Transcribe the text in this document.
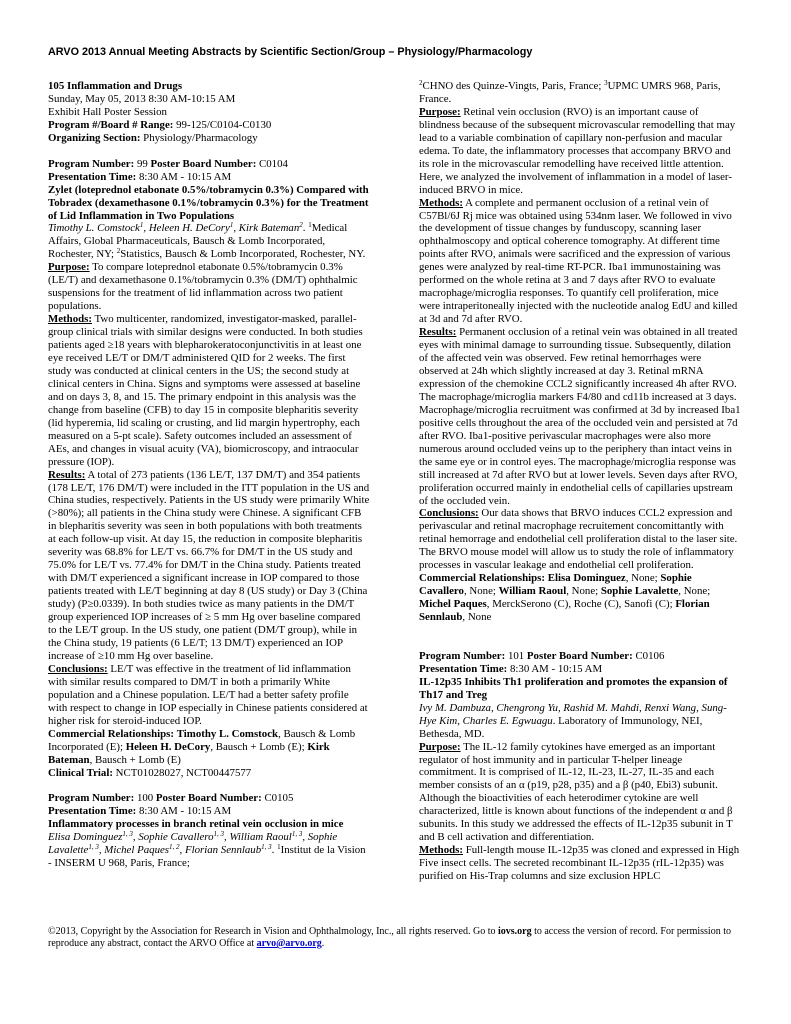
ARVO 2013 Annual Meeting Abstracts by Scientific Section/Group – Physiology/Pharmacology

105 Inflammation and Drugs

Sunday, May 05, 2013 8:30 AM-10:15 AM

Exhibit Hall Poster Session

Program #/Board # Range: 99-125/C0104-C0130

Organizing Section: Physiology/Pharmacology

Program Number: 99 Poster Board Number: C0104

Presentation Time: 8:30 AM - 10:15 AM

Zylet (loteprednol etabonate 0.5%/tobramycin 0.3%) Compared with Tobradex (dexamethasone 0.1%/tobramycin 0.3%) for the Treatment of Lid Inflammation in Two Populations

Timothy L. Comstock$^1$, Heleen H. DeCory$^1$, Kirk Bateman$^2$. $^1$Medical Affairs, Global Pharmaceuticals, Bausch & Lomb Incorporated, Rochester, NY; $^2$Statistics, Bausch & Lomb Incorporated, Rochester, NY.

Purpose: To compare loteprednol etabonate 0.5%/tobramycin 0.3% (LE/T) and dexamethasone 0.1%/tobramycin 0.3% (DM/T) ophthalmic suspensions for the treatment of lid inflammation across two patient populations.

Methods: Two multicenter, randomized, investigator-masked, parallel-group clinical trials with similar designs were conducted. In both studies patients aged ≥18 years with blepharokeratoconjunctivitis in at least one eye received LE/T or DM/T administered QID for 2 weeks. The first study was conducted at clinical centers in the US; the second study at clinical centers in China. Signs and symptoms were assessed at baseline and on days 3, 8, and 15. The primary endpoint in this analysis was the change from baseline (CFB) to day 15 in composite blepharitis severity (lid hyperemia, lid scaling or crusting, and lid margin hypertrophy, each measured on a 5-pt scale). Safety outcomes included an assessment of AEs, and changes in visual acuity (VA), biomicroscopy, and intraocular pressure (IOP).

Results: A total of 273 patients (136 LE/T, 137 DM/T) and 354 patients (178 LE/T, 176 DM/T) were included in the ITT population in the US and China studies, respectively. Patients in the US study were primarily White (>80%); all patients in the China study were Chinese. A significant CFB in blepharitis severity was seen in both populations with both treatments at each follow-up visit. At day 15, the reduction in composite blepharitis severity was 68.8% for LE/T vs. 66.7% for DM/T in the US study and 75.0% for LE/T vs. 77.4% for DM/T in the China study. Patients treated with DM/T experienced a significant increase in IOP compared to those patients treated with LE/T beginning at day 8 (US study) or Day 3 (China study) (P≥0.0339). In both studies twice as many patients in the DM/T group experienced IOP increases of ≥ 5 mm Hg over baseline compared to the LE/T group. In the US study, one patient (DM/T group), while in the China study, 19 patients (6 LE/T; 13 DM/T) experienced an IOP increase of ≥10 mm Hg over baseline.

Conclusions: LE/T was effective in the treatment of lid inflammation with similar results compared to DM/T in both a primarily White population and a Chinese population. LE/T had a better safety profile with respect to change in IOP especially in Chinese patients considered at higher risk for steroid-induced IOP.

Commercial Relationships: Timothy L. Comstock, Bausch & Lomb Incorporated (E); Heleen H. DeCory, Bausch + Lomb (E); Kirk Bateman, Bausch + Lomb (E)

Clinical Trial: NCT01028027, NCT00447577

Program Number: 100 Poster Board Number: C0105

Presentation Time: 8:30 AM - 10:15 AM

Inflammatory processes in branch retinal vein occlusion in mice

Elisa Dominguez$^{1, 3}$, Sophie Cavallero$^{1, 3}$, William Raoul$^{1, 3}$, Sophie Lavalette$^{1, 3}$, Michel Paques$^{1, 2}$, Florian Sennlaub$^{1, 3}$. $^1$Institut de la Vision - INSERM U 968, Paris, France;

$^2$CHNO des Quinze-Vingts, Paris, France; $^3$UPMC UMRS 968, Paris, France.

Purpose: Retinal vein occlusion (RVO) is an important cause of blindness because of the subsequent microvascular remodelling that may lead to a variable combination of capillary non-perfusion and macular edema. To date, the inflammatory processes that accompany BRVO and its role in the microvascular remodelling have received little attention. Here, we analyzed the involvement of inflammation in a model of laser-induced BRVO in mice.

Methods: A complete and permanent occlusion of a retinal vein of C57Bl/6J Rj mice was obtained using 534nm laser. We followed in vivo the development of tissue changes by funduscopy, scanning laser ophthalmoscopy and optical coherence tomography. At different time points after RVO, animals were sacrificed and the expression of various genes were analyzed by real-time RT-PCR. Iba1 immunostaining was performed on the whole retina at 3 and 7 days after RVO to evaluate macrophage/microglia responses. To quantify cell proliferation, mice were intraperitoneally injected with the nucleotide analog EdU and killed at 3d and 7d after RVO.

Results: Permanent occlusion of a retinal vein was obtained in all treated eyes with minimal damage to surrounding tissue. Subsequently, dilation of the affected vein was observed. Few retinal hemorrhages were observed at 24h which slightly increased at day 3. Retinal mRNA expression of the chemokine CCL2 significantly increased 4h after RVO. The macrophage/microglia markers F4/80 and cd11b increased at 3 days. Macrophage/microglia recruitment was confirmed at 3d by increased Iba1 positive cells throughout the area of the occluded vein and persisted at 7d after RVO. Iba1-positive perivascular macrophages were also more numerous around occluded veins up to the periphery than intact veins in the same eye or in control eyes. The macrophage/microglia response was still increased at 7d after RVO but at lower levels. Seven days after RVO, proliferation occurred mainly in endothelial cells of capillaries upstream of the occluded vein.

Conclusions: Our data shows that BRVO induces CCL2 expression and perivascular and retinal macrophage recruitement concomittantly with retinal hemorrage and endothelial cell proliferation distal to the laser site. The BRVO mouse model will allow us to study the role of inflammatory processes in vascular leakage and endothelial cell proliferation.

Commercial Relationships: Elisa Dominguez, None; Sophie Cavallero, None; William Raoul, None; Sophie Lavalette, None; Michel Paques, MerckSerono (C), Roche (C), Sanofi (C); Florian Sennlaub, None

Program Number: 101 Poster Board Number: C0106

Presentation Time: 8:30 AM - 10:15 AM

IL-12p35 Inhibits Th1 proliferation and promotes the expansion of Th17 and Treg

Ivy M. Dambuza, Chengrong Yu, Rashid M. Mahdi, Renxi Wang, Sung-Hye Kim, Charles E. Egwuagu. Laboratory of Immunology, NEI, Bethesda, MD.

Purpose: The IL-12 family cytokines have emerged as an important regulator of host immunity and in particular T-helper lineage commitment. It is comprised of IL-12, IL-23, IL-27, IL-35 and each member consists of an α (p19, p28, p35) and a β (p40, Ebi3) subunit. Although the bioactivities of each heterodimer cytokine are well characterized, little is known about functions of the independent α and β subunits. In this study we addressed the effects of IL-12p35 subunit in T and B cell activation and differentiation.

Methods: Full-length mouse IL-12p35 was cloned and expressed in High Five insect cells. The secreted recombinant IL-12p35 (rIL-12p35) was purified on His-Trap columns and size exclusion HPLC

©2013, Copyright by the Association for Research in Vision and Ophthalmology, Inc., all rights reserved. Go to iovs.org to access the version of record. For permission to reproduce any abstract, contact the ARVO Office at arvo@arvo.org.
